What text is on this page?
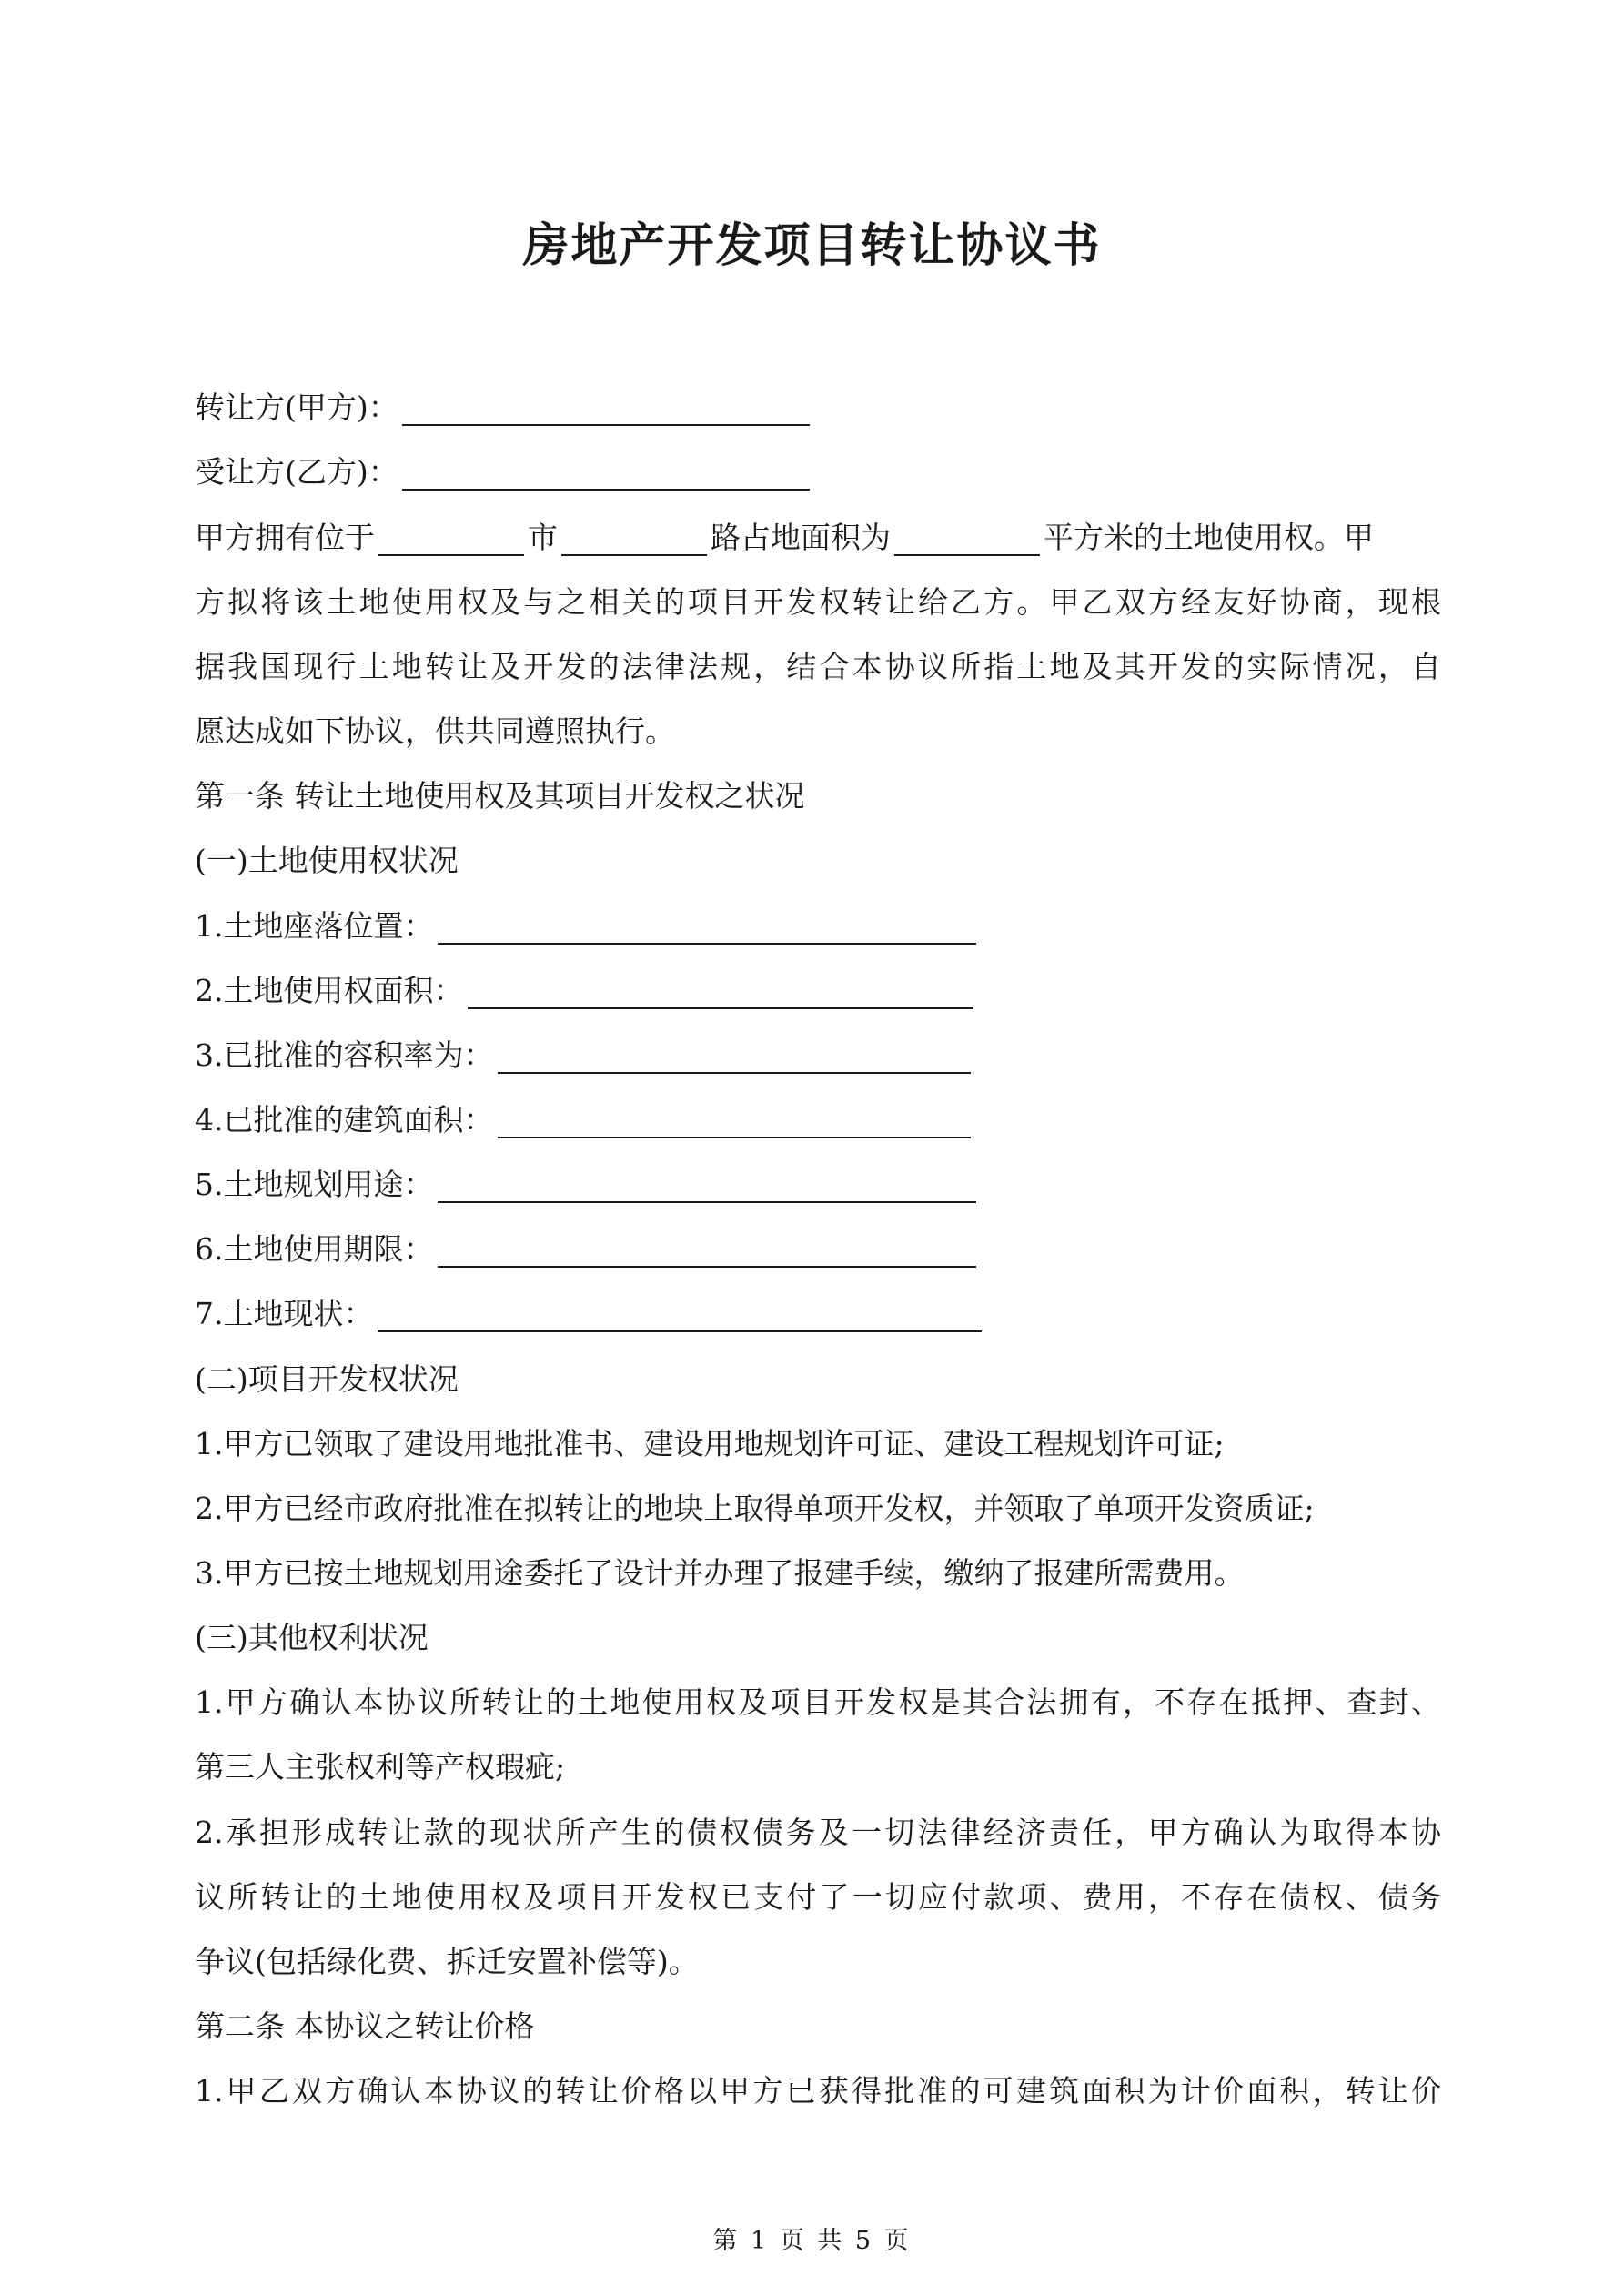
房地产开发项目转让协议书
转让方(甲方)：
受让方(乙方)：
甲方拥有位于	市	路占地面积为	平方米的土地使用权。甲
方拟将该土地使用权及与之相关的项目开发权转让给乙方。甲乙双方经友好协商，现根
据我国现行土地转让及开发的法律法规，结合本协议所指土地及其开发的实际情况，自
愿达成如下协议，供共同遵照执行。
第一条 转让土地使用权及其项目开发权之状况
(一)土地使用权状况
1.土地座落位置：
2.土地使用权面积：
3.已批准的容积率为：
4.已批准的建筑面积：
5.土地规划用途：
6.土地使用期限：
7.土地现状：
(二)项目开发权状况
1.甲方已领取了建设用地批准书、建设用地规划许可证、建设工程规划许可证;
2.甲方已经市政府批准在拟转让的地块上取得单项开发权，并领取了单项开发资质证;
3.甲方已按土地规划用途委托了设计并办理了报建手续，缴纳了报建所需费用。
(三)其他权利状况
1.甲方确认本协议所转让的土地使用权及项目开发权是其合法拥有，不存在抵押、查封、
第三人主张权利等产权瑕疵;
2.承担形成转让款的现状所产生的债权债务及一切法律经济责任，甲方确认为取得本协
议所转让的土地使用权及项目开发权已支付了一切应付款项、费用，不存在债权、债务
争议(包括绿化费、拆迁安置补偿等)。
第二条 本协议之转让价格
1.甲乙双方确认本协议的转让价格以甲方已获得批准的可建筑面积为计价面积，转让价
第 1 页 共 5 页
